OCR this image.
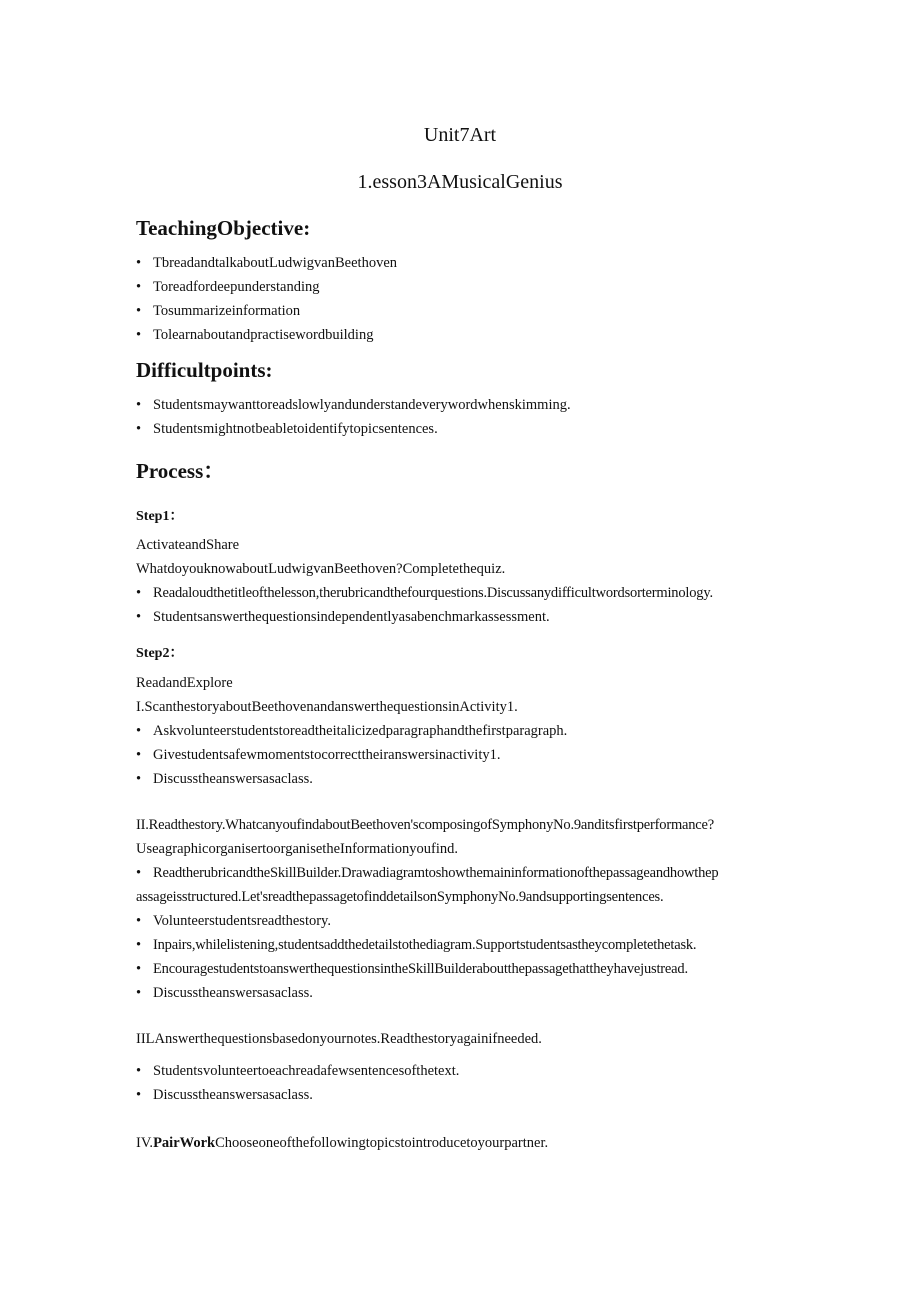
Unit7Art
1.esson3AMusicalGenius
TeachingObjective:
• TbreadandtalkaboutLudwigvanBeethoven
• Toreadfordeepunderstanding
• Tosummarizeinformation
• Tolearnaboutandpractisewordbuilding
Difficultpoints:
• Studentsmaywanttoreadslowlyandunderstandeverywordwhenskimming.
• Studentsmightnotbeabletoidentifytopicsentences.
Process：
Step1：
ActivateandShare
WhatdoyouknowaboutLudwigvanBeethoven?Completethequiz.
• Readaloudthetitleofthelesson,therubricandthefourquestions.Discussanydifficultwordsorterminology.
• Studentsanswerthequestionsindependentlyasabenchmarkassessment.
Step2：
ReadandExplore
I.ScanthestoryaboutBeethovenandanswerthequestionsinActivity1.
• Askvolunteerstudentstoreadtheitalicizedparagraphandthefirstparagraph.
• Givestudentsafewmomentstocorrecttheiranswersinactivity1.
• Discusstheanswersasaclass.
II.Readthestory.WhatcanyoufindaboutBeethoven'scomposingofSymphonyNo.9anditsfirstperformance?
UseagraphicorganisertoorganisetheInformationyoufind.
• ReadtherubricandtheSkillBuilder.Drawadiagramtoshowthemaininformationofthepassageandhowthep
assageisstructured.Let'sreadthepassagetofinddetailsonSymphonyNo.9andsupportingsentences.
• Volunteerstudentsreadthestory.
• Inpairs,whilelistening,studentsaddthedetailstothediagram.Supportstudentsastheycompletethetask.
• EncouragestudentstoanswerthequestionsintheSkillBuilderaboutthepassagethattheyhavejustread.
• Discusstheanswersasaclass.
IILAnswerthequestionsbasedonyournotes.Readthestoryagainifneeded.
• Studentsvolunteertoeachreadafewsentencesofthetext.
• Discusstheanswersasaclass.
IV.PairWorkChooseoneofthefollowingtopicstointroducetoyourpartner.
